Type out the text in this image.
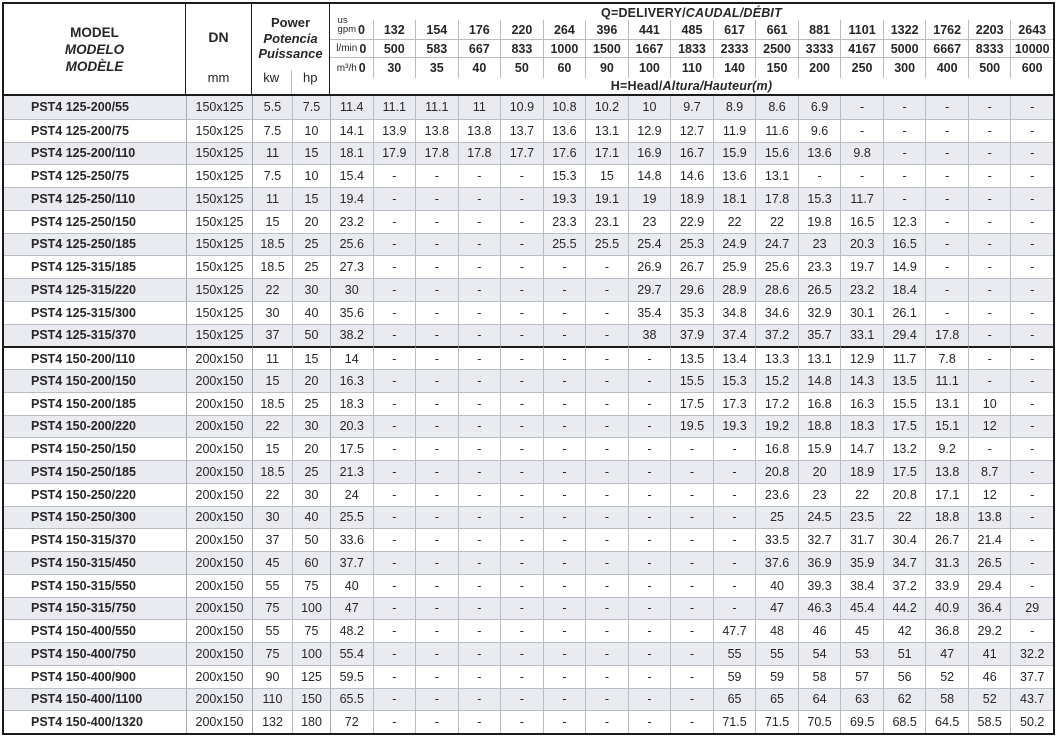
MODEL
MODELO
MODÈLE
DN
mm
Power
Potencia
Puissance
kw	hp
Q=DELIVERY/ CAUDAL/DÉBIT
us
gpm 0	132	154	176	220	264	396	441	485	617	661	881	1101	1322	1762	2203	2643
l/min 0	500	583	667	833	1000	1500	1667	1833	2333	2500	3333	4167	5000	6667	8333 10000
m³/h 0	30	35	40	50	60	90	100	110	140	150	200	250	300	400	500	600
H=Head/ Altura/Hauteur(m)
PST4 125-200/55	150x125	5.5	7.5	11.4	11.1	11.1	11	10.9	10.8	10.2	10	9.7	8.9	8.6	6.9	-	-	-	-	-
PST4 125-200/75	150x125	7.5	10	14.1	13.9	13.8	13.8	13.7	13.6	13.1	12.9	12.7	11.9	11.6	9.6	-	-	-	-	-
PST4 125-200/110	150x125	11	15	18.1	17.9	17.8	17.8	17.7	17.6	17.1	16.9	16.7	15.9	15.6	13.6	9.8	-	-	-	-
PST4 125-250/75	150x125	7.5	10	15.4	-	-	-	-	15.3	15	14.8	14.6	13.6	13.1	-	-	-	-	-	-
PST4 125-250/110	150x125	11	15	19.4	-	-	-	-	19.3	19.1	19	18.9	18.1	17.8	15.3	11.7	-	-	-	-
PST4 125-250/150	150x125	15	20	23.2	-	-	-	-	23.3	23.1	23	22.9	22	22	19.8	16.5	12.3	-	-	-
PST4 125-250/185	150x125	18.5	25	25.6	-	-	-	-	25.5	25.5	25.4	25.3	24.9	24.7	23	20.3	16.5	-	-	-
PST4 125-315/185	150x125	18.5	25	27.3	-	-	-	-	-	-	26.9	26.7	25.9	25.6	23.3	19.7	14.9	-	-	-
PST4 125-315/220	150x125	22	30	30	-	-	-	-	-	-	29.7	29.6	28.9	28.6	26.5	23.2	18.4	-	-	-
PST4 125-315/300	150x125	30	40	35.6	-	-	-	-	-	-	35.4	35.3	34.8	34.6	32.9	30.1	26.1	-	-	-
PST4 125-315/370	150x125	37	50	38.2	-	-	-	-	-	-	38	37.9	37.4	37.2	35.7	33.1	29.4	17.8	-	-
PST4 150-200/110	200x150	11	15	14	-	-	-	-	-	-	-	13.5	13.4	13.3	13.1	12.9	11.7	7.8	-	-
PST4 150-200/150	200x150	15	20	16.3	-	-	-	-	-	-	-	15.5	15.3	15.2	14.8	14.3	13.5	11.1	-	-
PST4 150-200/185	200x150	18.5	25	18.3	-	-	-	-	-	-	-	17.5	17.3	17.2	16.8	16.3	15.5	13.1	10	-
PST4 150-200/220	200x150	22	30	20.3	-	-	-	-	-	-	-	19.5	19.3	19.2	18.8	18.3	17.5	15.1	12	-
PST4 150-250/150	200x150	15	20	17.5	-	-	-	-	-	-	-	-	-	16.8	15.9	14.7	13.2	9.2	-	-
PST4 150-250/185	200x150	18.5	25	21.3	-	-	-	-	-	-	-	-	-	20.8	20	18.9	17.5	13.8	8.7	-
PST4 150-250/220	200x150	22	30	24	-	-	-	-	-	-	-	-	-	23.6	23	22	20.8	17.1	12	-
PST4 150-250/300	200x150	30	40	25.5	-	-	-	-	-	-	-	-	-	25	24.5	23.5	22	18.8	13.8	-
PST4 150-315/370	200x150	37	50	33.6	-	-	-	-	-	-	-	-	-	33.5	32.7	31.7	30.4	26.7	21.4	-
PST4 150-315/450	200x150	45	60	37.7	-	-	-	-	-	-	-	-	-	37.6	36.9	35.9	34.7	31.3	26.5	-
PST4 150-315/550	200x150	55	75	40	-	-	-	-	-	-	-	-	-	40	39.3	38.4	37.2	33.9	29.4	-
PST4 150-315/750	200x150	75	100	47	-	-	-	-	-	-	-	-	-	47	46.3	45.4	44.2	40.9	36.4	29
PST4 150-400/550	200x150	55	75	48.2	-	-	-	-	-	-	-	-	47.7	48	46	45	42	36.8	29.2	-
PST4 150-400/750	200x150	75	100	55.4	-	-	-	-	-	-	-	-	55	55	54	53	51	47	41	32.2
PST4 150-400/900	200x150	90	125	59.5	-	-	-	-	-	-	-	-	59	59	58	57	56	52	46	37.7
PST4 150-400/1100	200x150	110	150	65.5	-	-	-	-	-	-	-	-	65	65	64	63	62	58	52	43.7
PST4 150-400/1320	200x150	132	180	72	-	-	-	-	-	-	-	-	71.5	71.5	70.5	69.5	68.5	64.5	58.5	50.2
